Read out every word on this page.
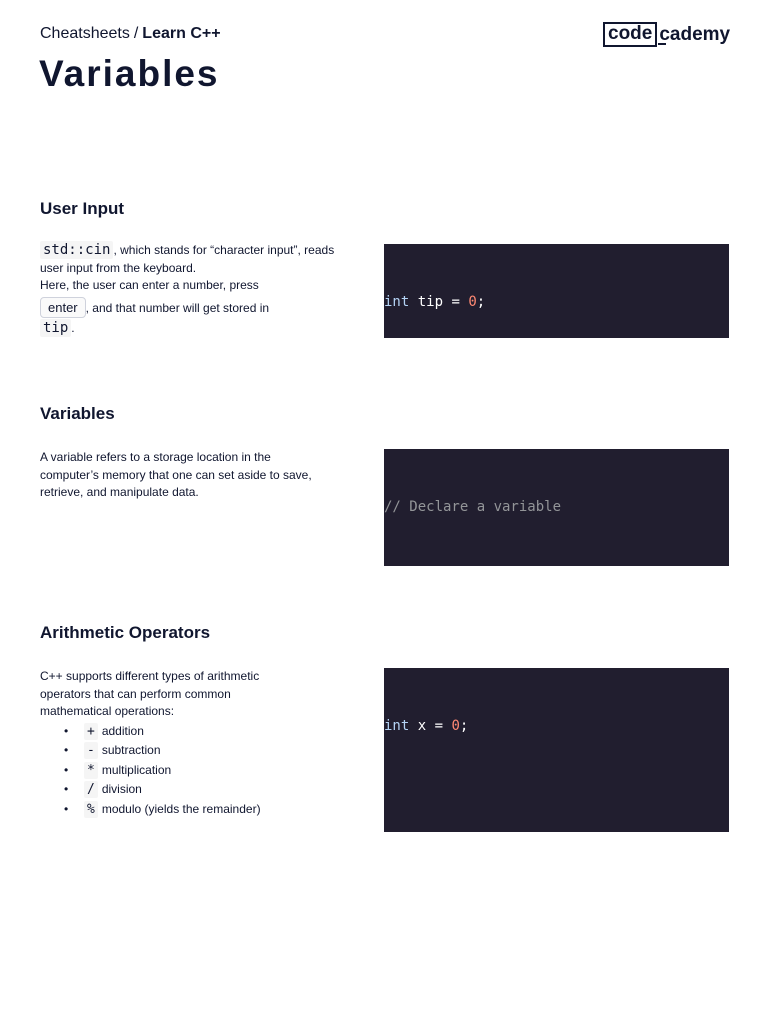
Cheatsheets / Learn C++	code cademy
Variables
User Input
std::cin , which stands for “character input”, reads user input from the keyboard.
Here, the user can enter a number, press
enter , and that number will get stored in
tip .

int tip = 0;

Variables
A variable refers to a storage location in the computer’s memory that one can set aside to save, retrieve, and manipulate data.

// Declare a variable

Arithmetic Operators
C++ supports different types of arithmetic operators that can perform common mathematical operations:
• + addition
• - subtraction
• * multiplication
• / division
• % modulo (yields the remainder)

int x = 0;
